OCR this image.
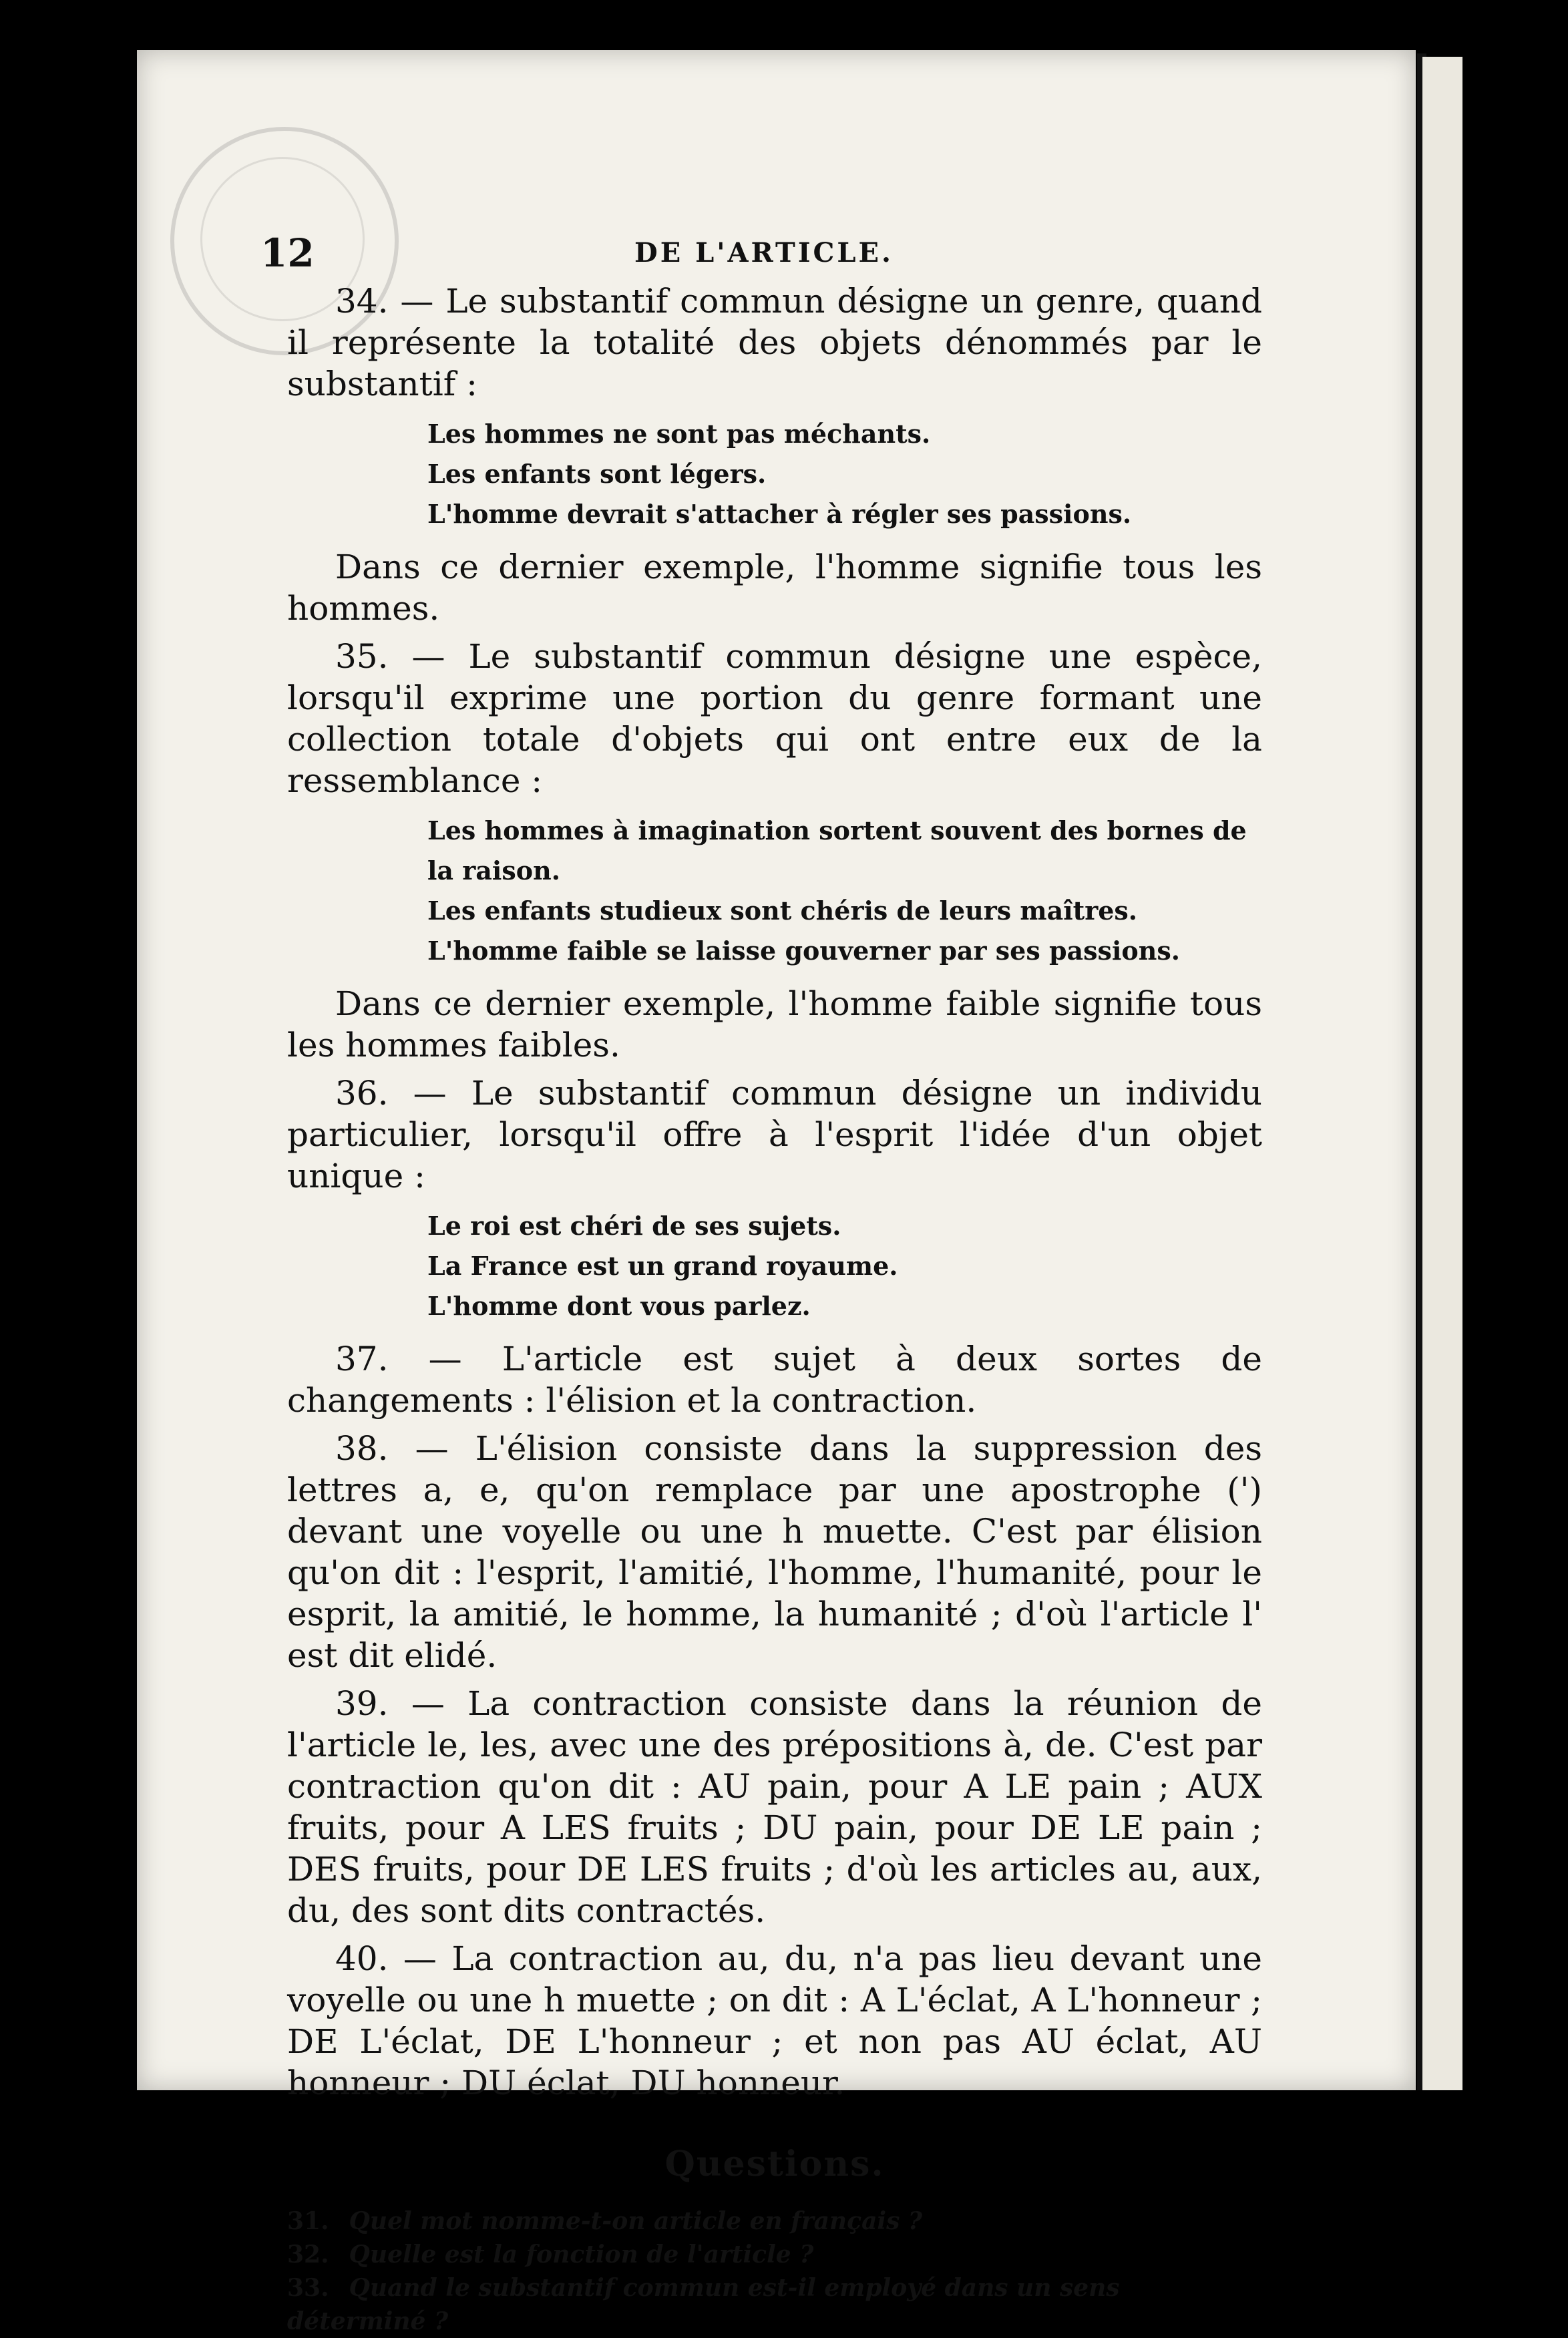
12	DE L'ARTICLE.

34. — Le substantif commun désigne un genre, quand il représente la totalité des objets dénommés par le substantif :

Les hommes ne sont pas méchants.
Les enfants sont légers.
L'homme devrait s'attacher à régler ses passions.

Dans ce dernier exemple, l'homme signifie tous les hommes.

35. — Le substantif commun désigne une espèce, lorsqu'il exprime une portion du genre formant une collection totale d'objets qui ont entre eux de la ressemblance :

Les hommes à imagination sortent souvent des bornes de la raison.
Les enfants studieux sont chéris de leurs maîtres.
L'homme faible se laisse gouverner par ses passions.

Dans ce dernier exemple, l'homme faible signifie tous les hommes faibles.

36. — Le substantif commun désigne un individu particulier, lorsqu'il offre à l'esprit l'idée d'un objet unique :

Le roi est chéri de ses sujets.
La France est un grand royaume.
L'homme dont vous parlez.

37. — L'article est sujet à deux sortes de changements : l'élision et la contraction.

38. — L'élision consiste dans la suppression des lettres a, e, qu'on remplace par une apostrophe (') devant une voyelle ou une h muette. C'est par élision qu'on dit : l'esprit, l'amitié, l'homme, l'humanité, pour le esprit, la amitié, le homme, la humanité ; d'où l'article l' est dit elidé.

39. — La contraction consiste dans la réunion de l'article le, les, avec une des prépositions à, de. C'est par contraction qu'on dit : AU pain, pour A LE pain ; AUX fruits, pour A LES fruits ; DU pain, pour DE LE pain ; DES fruits, pour DE LES fruits ; d'où les articles au, aux, du, des sont dits contractés.

40. — La contraction au, du, n'a pas lieu devant une voyelle ou une h muette ; on dit : A L'éclat, A L'honneur ; DE L'éclat, DE L'honneur ; et non pas AU éclat, AU honneur ; DU éclat, DU honneur.

Questions.
31. Quel mot nomme-t-on article en français ?
32. Quelle est la fonction de l'article ?
33. Quand le substantif commun est-il employé dans un sens déterminé ?
